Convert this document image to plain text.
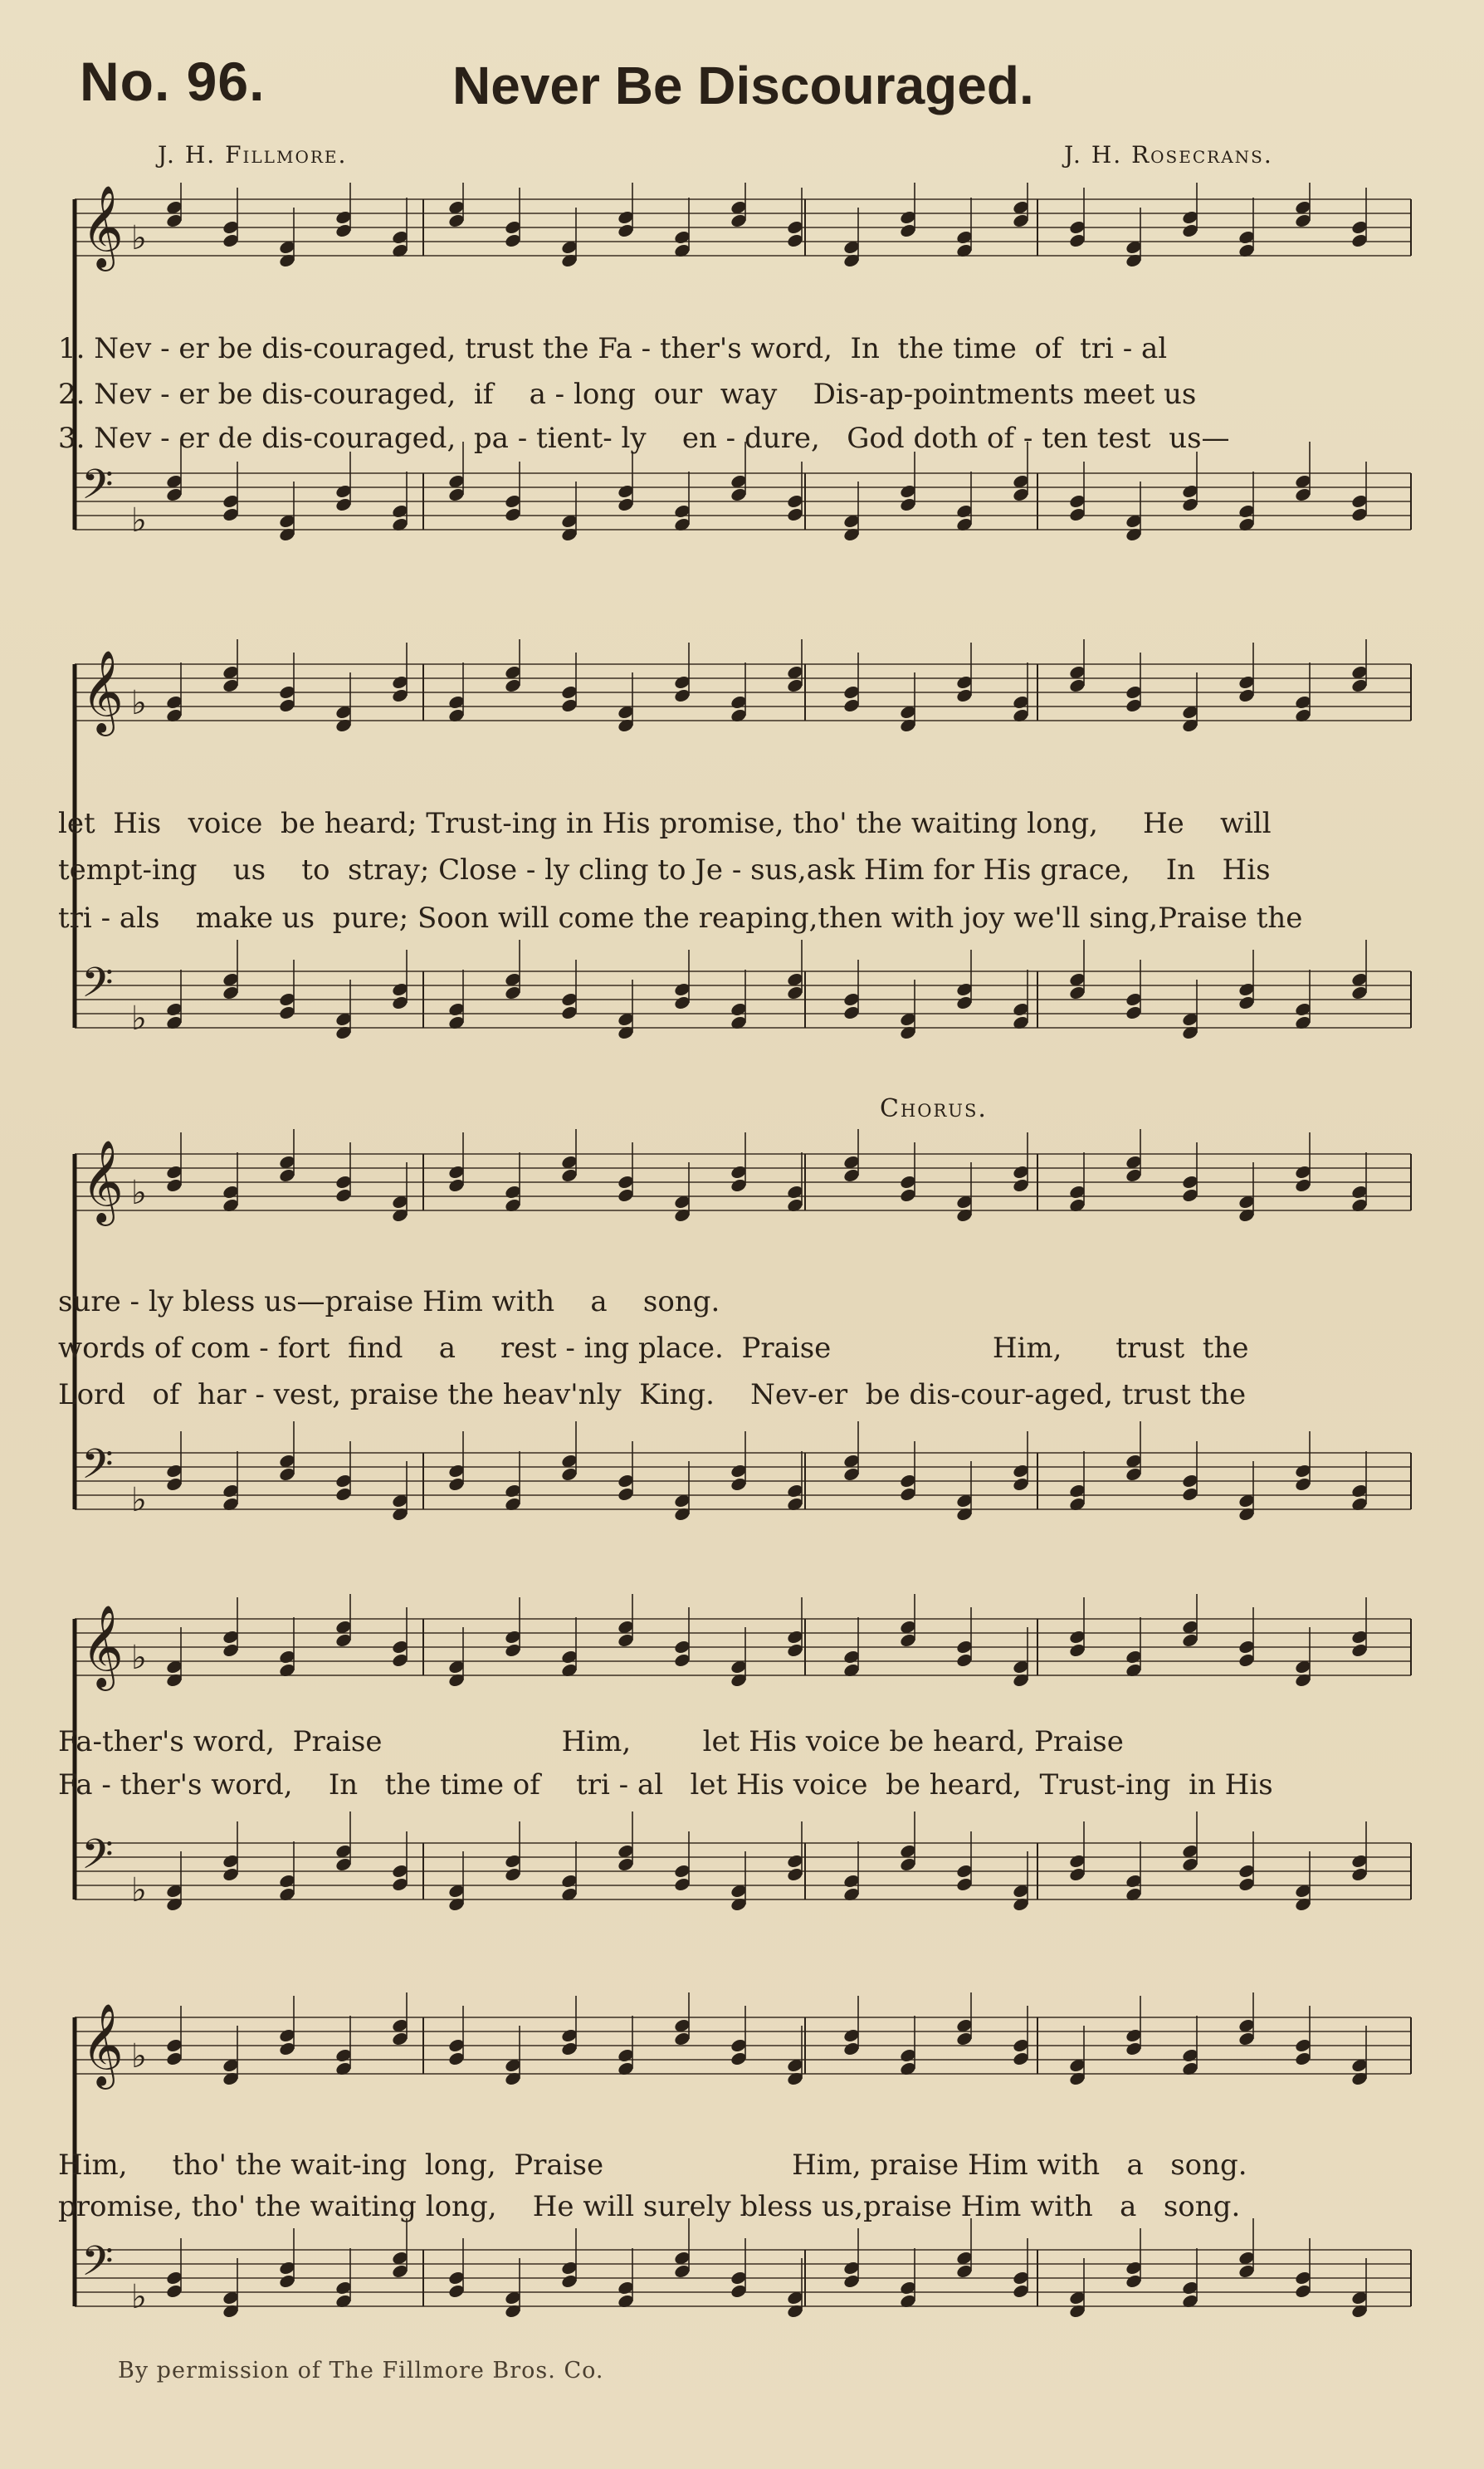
No. 96.	Never Be Discouraged.
J. H. Fillmore.	J. H. Rosecrans.
𝄞 ♭
𝄢
♭
1. Nev - er be dis-couraged, trust the Fa - ther's word,  In  the time  of  tri - al
2. Nev - er be dis-couraged,  if    a - long  our  way    Dis-ap-pointments meet us
3. Nev - er de dis-couraged,  pa - tient- ly    en - dure,   God doth of - ten test  us—
𝄞 ♭
𝄢
♭
let  His   voice  be heard; Trust-ing in His promise, tho' the waiting long,     He    will
tempt-ing    us    to  stray; Close - ly cling to Je - sus,ask Him for His grace,    In   His
tri - als    make us  pure; Soon will come the reaping,then with joy we'll sing,Praise the
Chorus.
𝄞 ♭
𝄢
♭
sure - ly bless us—praise Him with    a    song.
words of com - fort  find    a     rest - ing place.  Praise                  Him,      trust  the
Lord   of  har - vest, praise the heav'nly  King.    Nev-er  be dis-cour-aged, trust the
𝄞 ♭
𝄢
♭
Fa-ther's word,  Praise                    Him,        let His voice be heard, Praise
Fa - ther's word,    In   the time of    tri - al   let His voice  be heard,  Trust-ing  in His
𝄞 ♭
𝄢
♭
Him,     tho' the wait-ing  long,  Praise                     Him, praise Him with   a   song.
promise, tho' the waiting long,    He will surely bless us,praise Him with   a   song.
By permission of The Fillmore Bros. Co.
